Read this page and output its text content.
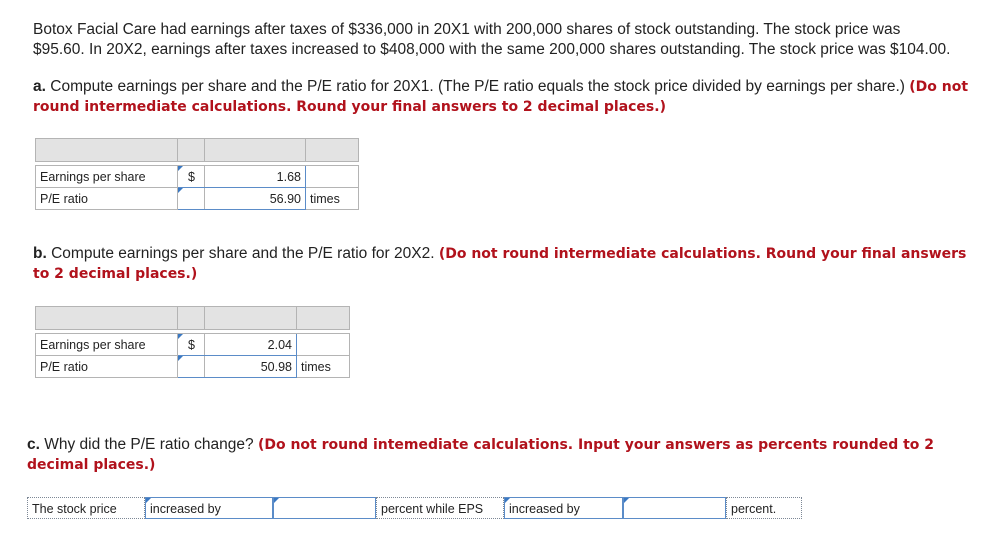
Botox Facial Care had earnings after taxes of $336,000 in 20X1 with 200,000 shares of stock outstanding. The stock price was
$95.60. In 20X2, earnings after taxes increased to $408,000 with the same 200,000 shares outstanding. The stock price was $104.00.
a. Compute earnings per share and the P/E ratio for 20X1. (The P/E ratio equals the stock price divided by earnings per share.) (Do not round intermediate calculations. Round your final answers to 2 decimal places.)

Earnings per share	$	1.68	
P/E ratio		56.90	times
b. Compute earnings per share and the P/E ratio for 20X2. (Do not round intermediate calculations. Round your final answers to 2 decimal places.)

Earnings per share	$	2.04	
P/E ratio		50.98	times
c. Why did the P/E ratio change? (Do not round intemediate calculations. Input your answers as percents rounded to 2 decimal places.)
The stock price	increased by	percent while EPS	increased by	percent.
